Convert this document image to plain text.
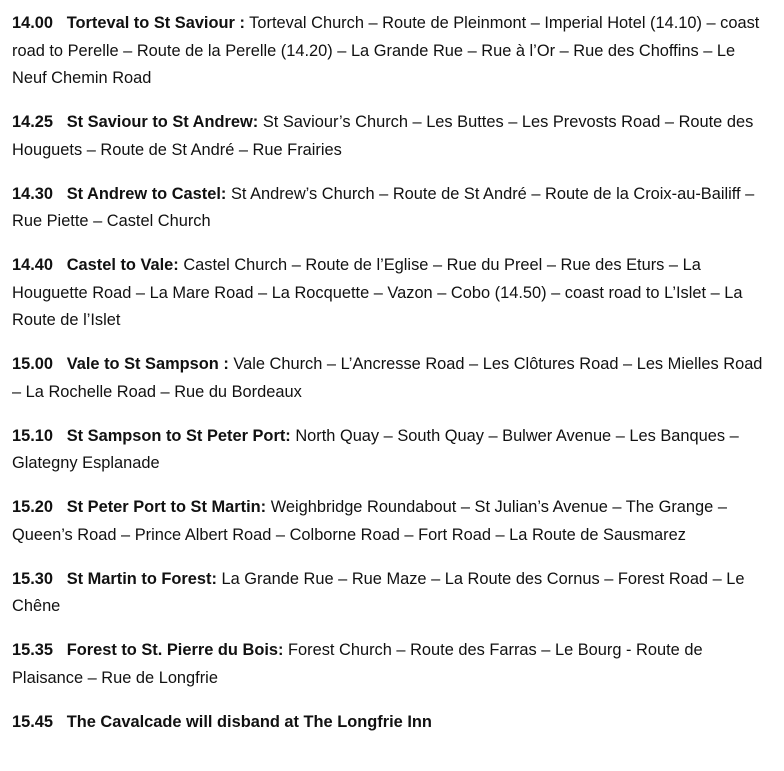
14.00 Torteval to St Saviour : Torteval Church – Route de Pleinmont – Imperial Hotel (14.10) – coast road to Perelle – Route de la Perelle (14.20) – La Grande Rue – Rue à l’Or – Rue des Choffins – Le Neuf Chemin Road

14.25 St Saviour to St Andrew: St Saviour’s Church – Les Buttes – Les Prevosts Road – Route des Houguets – Route de St André – Rue Frairies

14.30 St Andrew to Castel: St Andrew’s Church – Route de St André – Route de la Croix-au-Bailiff – Rue Piette – Castel Church

14.40 Castel to Vale: Castel Church – Route de l’Eglise – Rue du Preel – Rue des Eturs – La Houguette Road – La Mare Road – La Rocquette – Vazon – Cobo (14.50) – coast road to L’Islet – La Route de l’Islet

15.00 Vale to St Sampson : Vale Church – L’Ancresse Road – Les Clôtures Road – Les Mielles Road – La Rochelle Road – Rue du Bordeaux

15.10 St Sampson to St Peter Port: North Quay – South Quay – Bulwer Avenue – Les Banques – Glategny Esplanade

15.20 St Peter Port to St Martin: Weighbridge Roundabout – St Julian’s Avenue – The Grange – Queen’s Road – Prince Albert Road – Colborne Road – Fort Road – La Route de Sausmarez

15.30 St Martin to Forest: La Grande Rue – Rue Maze – La Route des Cornus – Forest Road – Le Chêne

15.35 Forest to St. Pierre du Bois: Forest Church – Route des Farras – Le Bourg - Route de Plaisance – Rue de Longfrie

15.45 The Cavalcade will disband at The Longfrie Inn
